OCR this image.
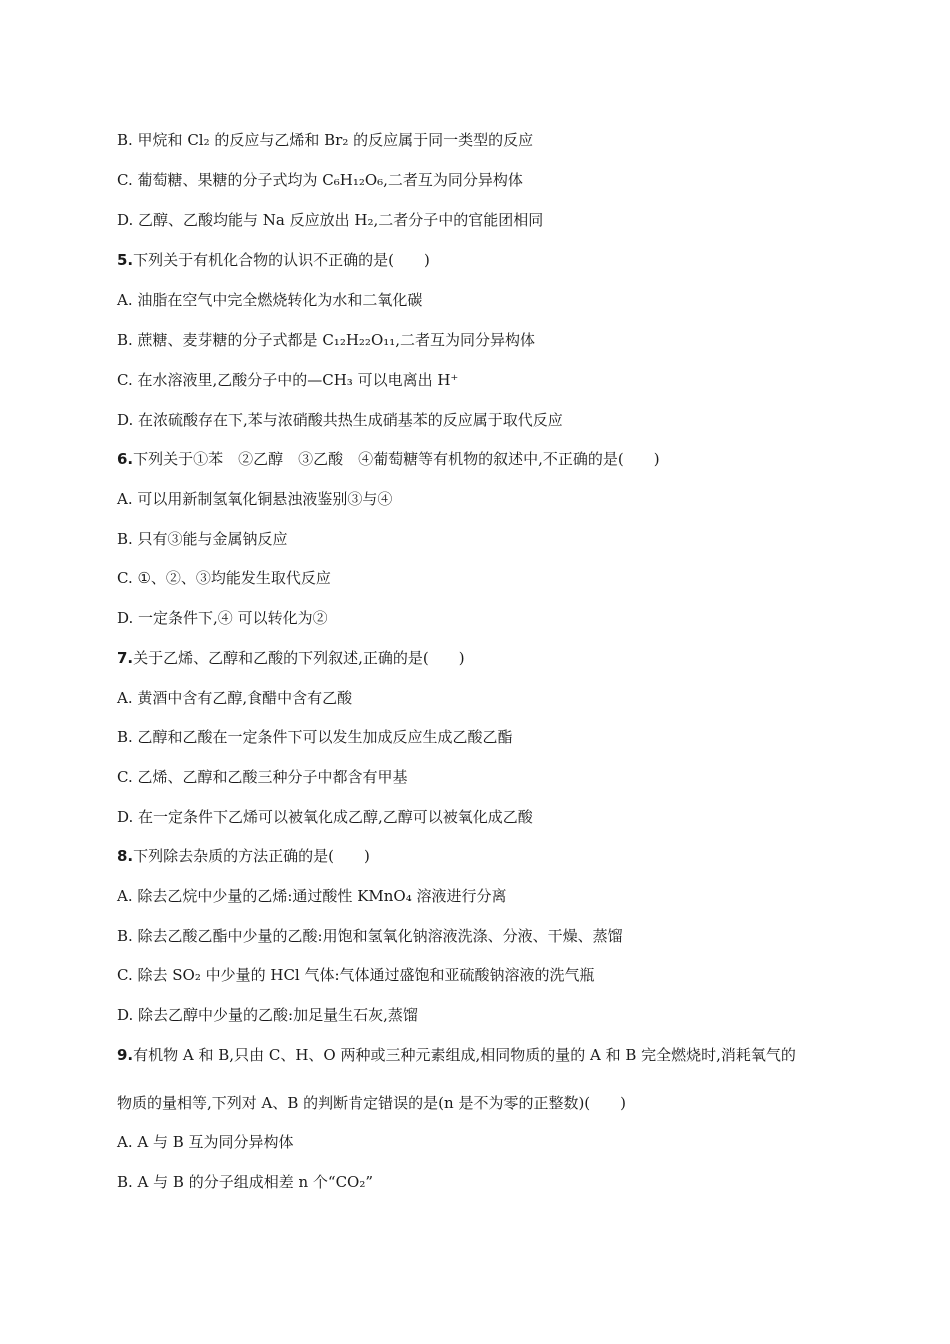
B. 甲烷和 Cl₂ 的反应与乙烯和 Br₂ 的反应属于同一类型的反应
C. 葡萄糖、果糖的分子式均为 C₆H₁₂O₆,二者互为同分异构体
D. 乙醇、乙酸均能与 Na 反应放出 H₂,二者分子中的官能团相同
5.下列关于有机化合物的认识不正确的是(　　)
A. 油脂在空气中完全燃烧转化为水和二氧化碳
B. 蔗糖、麦芽糖的分子式都是 C₁₂H₂₂O₁₁,二者互为同分异构体
C. 在水溶液里,乙酸分子中的—CH₃ 可以电离出 H⁺
D. 在浓硫酸存在下,苯与浓硝酸共热生成硝基苯的反应属于取代反应
6.下列关于①苯　②乙醇　③乙酸　④葡萄糖等有机物的叙述中,不正确的是(　　)
A. 可以用新制氢氧化铜悬浊液鉴别③与④
B. 只有③能与金属钠反应
C. ①、②、③均能发生取代反应
D. 一定条件下,④ 可以转化为②
7.关于乙烯、乙醇和乙酸的下列叙述,正确的是(　　)
A. 黄酒中含有乙醇,食醋中含有乙酸
B. 乙醇和乙酸在一定条件下可以发生加成反应生成乙酸乙酯
C. 乙烯、乙醇和乙酸三种分子中都含有甲基
D. 在一定条件下乙烯可以被氧化成乙醇,乙醇可以被氧化成乙酸
8.下列除去杂质的方法正确的是(　　)
A. 除去乙烷中少量的乙烯:通过酸性 KMnO₄ 溶液进行分离
B. 除去乙酸乙酯中少量的乙酸:用饱和氢氧化钠溶液洗涤、分液、干燥、蒸馏
C. 除去 SO₂ 中少量的 HCl 气体:气体通过盛饱和亚硫酸钠溶液的洗气瓶
D. 除去乙醇中少量的乙酸:加足量生石灰,蒸馏
9.有机物 A 和 B,只由 C、H、O 两种或三种元素组成,相同物质的量的 A 和 B 完全燃烧时,消耗氧气的
物质的量相等,下列对 A、B 的判断肯定错误的是(n 是不为零的正整数)(　　)
A. A 与 B 互为同分异构体
B. A 与 B 的分子组成相差 n 个“CO₂”
